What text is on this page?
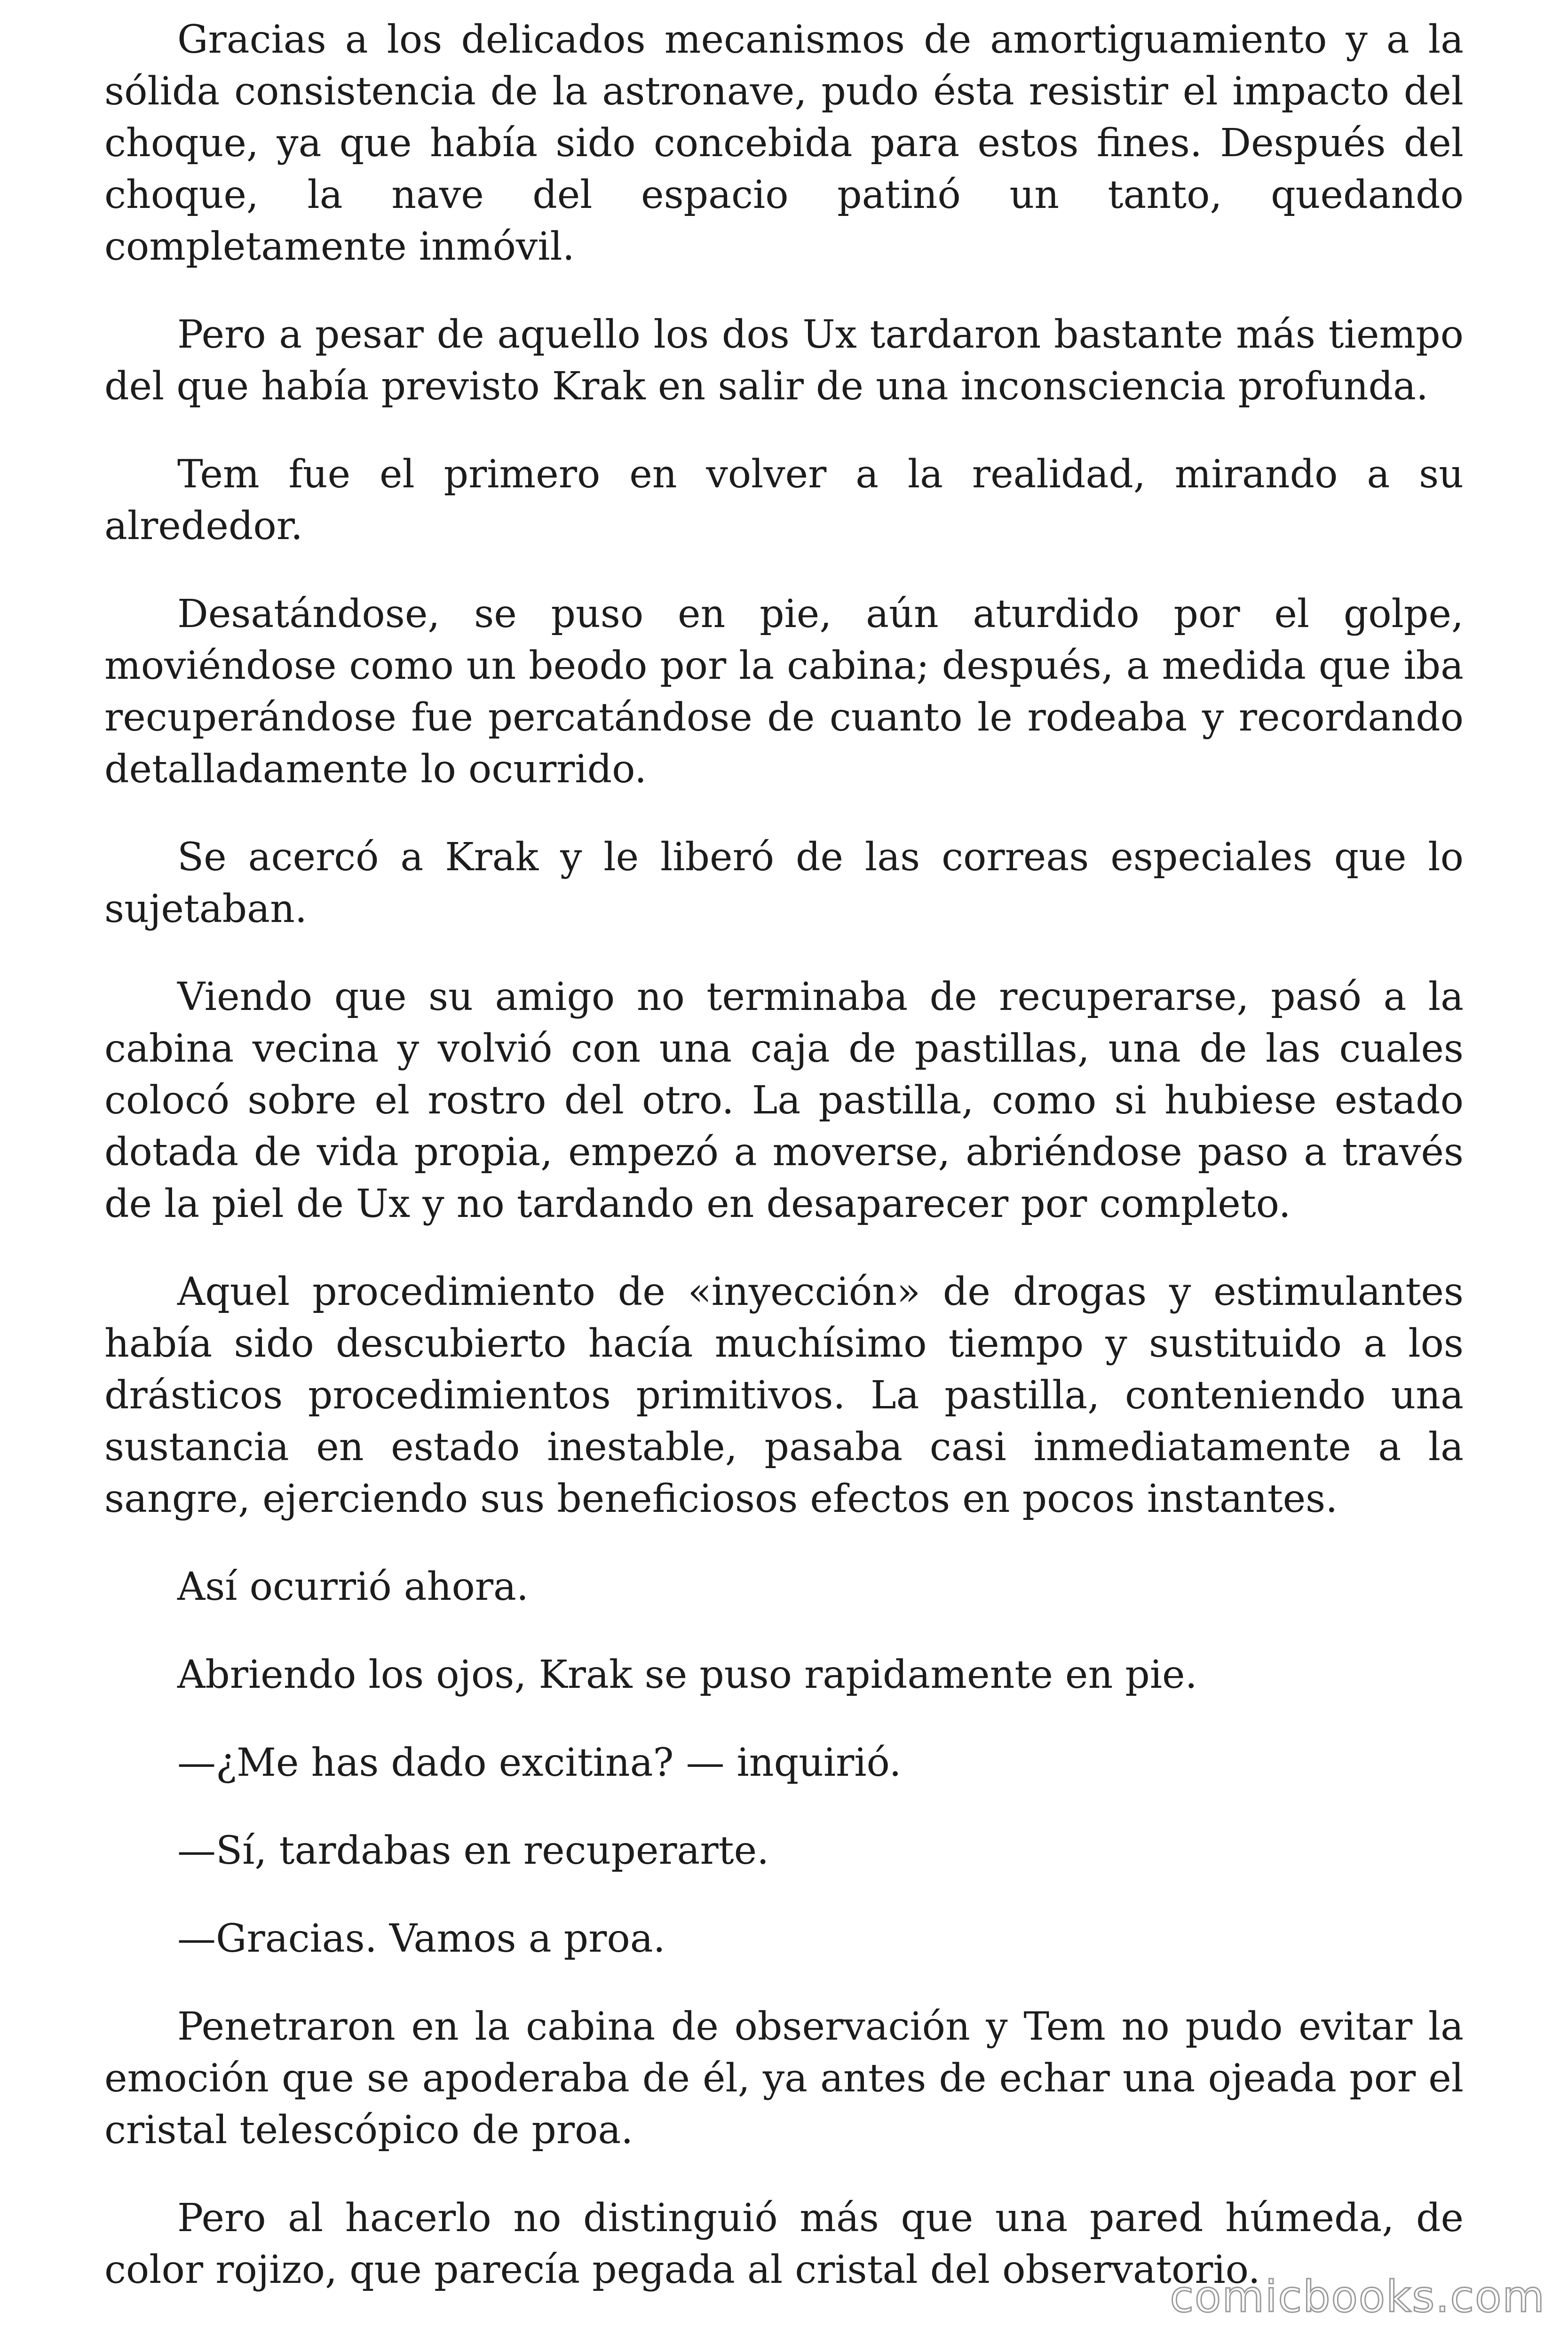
Gracias a los delicados mecanismos de amortiguamiento y a la sólida consistencia de la astronave, pudo ésta resistir el impacto del choque, ya que había sido concebida para estos fines. Después del choque, la nave del espacio patinó un tanto, quedando completamente inmóvil.

Pero a pesar de aquello los dos Ux tardaron bastante más tiempo del que había previsto Krak en salir de una inconsciencia profunda.

Tem fue el primero en volver a la realidad, mirando a su alrededor.

Desatándose, se puso en pie, aún aturdido por el golpe, moviéndose como un beodo por la cabina; después, a medida que iba recuperándose fue percatándose de cuanto le rodeaba y recordando detalladamente lo ocurrido.

Se acercó a Krak y le liberó de las correas especiales que lo sujetaban.

Viendo que su amigo no terminaba de recuperarse, pasó a la cabina vecina y volvió con una caja de pastillas, una de las cuales colocó sobre el rostro del otro. La pastilla, como si hubiese estado dotada de vida propia, empezó a moverse, abriéndose paso a través de la piel de Ux y no tardando en desaparecer por completo.

Aquel procedimiento de «inyección» de drogas y estimulantes había sido descubierto hacía muchísimo tiempo y sustituido a los drásticos procedimientos primitivos. La pastilla, conteniendo una sustancia en estado inestable, pasaba casi inmediatamente a la sangre, ejerciendo sus beneficiosos efectos en pocos instantes.

Así ocurrió ahora.

Abriendo los ojos, Krak se puso rapidamente en pie.

—¿Me has dado excitina? — inquirió.

—Sí, tardabas en recuperarte.

—Gracias. Vamos a proa.

Penetraron en la cabina de observación y Tem no pudo evitar la emoción que se apoderaba de él, ya antes de echar una ojeada por el cristal telescópico de proa.

Pero al hacerlo no distinguió más que una pared húmeda, de color rojizo, que parecía pegada al cristal del observatorio.

comicbooks.com
